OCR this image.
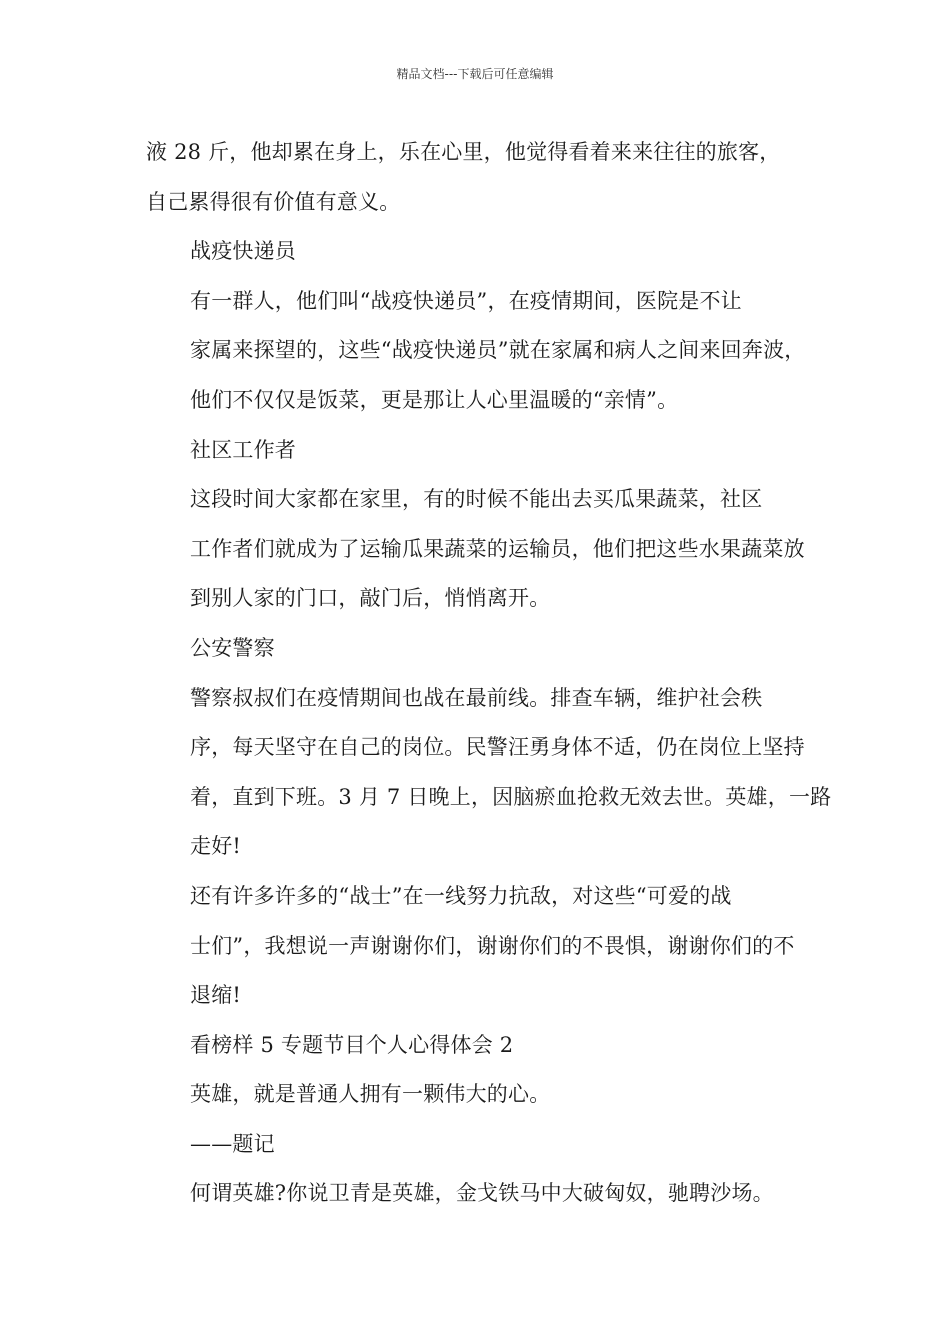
精品文档---下载后可任意编辑

液 28 斤，他却累在身上，乐在心里，他觉得看着来来往往的旅客，
自己累得很有价值有意义。

战疫快递员

有一群人，他们叫“战疫快递员”，在疫情期间，医院是不让
家属来探望的，这些“战疫快递员”就在家属和病人之间来回奔波，
他们不仅仅是饭菜，更是那让人心里温暖的“亲情”。

社区工作者

这段时间大家都在家里，有的时候不能出去买瓜果蔬菜，社区
工作者们就成为了运输瓜果蔬菜的运输员，他们把这些水果蔬菜放
到别人家的门口，敲门后，悄悄离开。

公安警察

警察叔叔们在疫情期间也战在最前线。排查车辆，维护社会秩
序，每天坚守在自己的岗位。民警汪勇身体不适，仍在岗位上坚持
着，直到下班。3 月 7 日晚上，因脑瘀血抢救无效去世。英雄，一路
走好!

还有许多许多的“战士”在一线努力抗敌，对这些“可爱的战
士们”，我想说一声谢谢你们，谢谢你们的不畏惧，谢谢你们的不
退缩!

看榜样 5 专题节目个人心得体会 2

英雄，就是普通人拥有一颗伟大的心。

——题记

何谓英雄?你说卫青是英雄，金戈铁马中大破匈奴，驰聘沙场。
